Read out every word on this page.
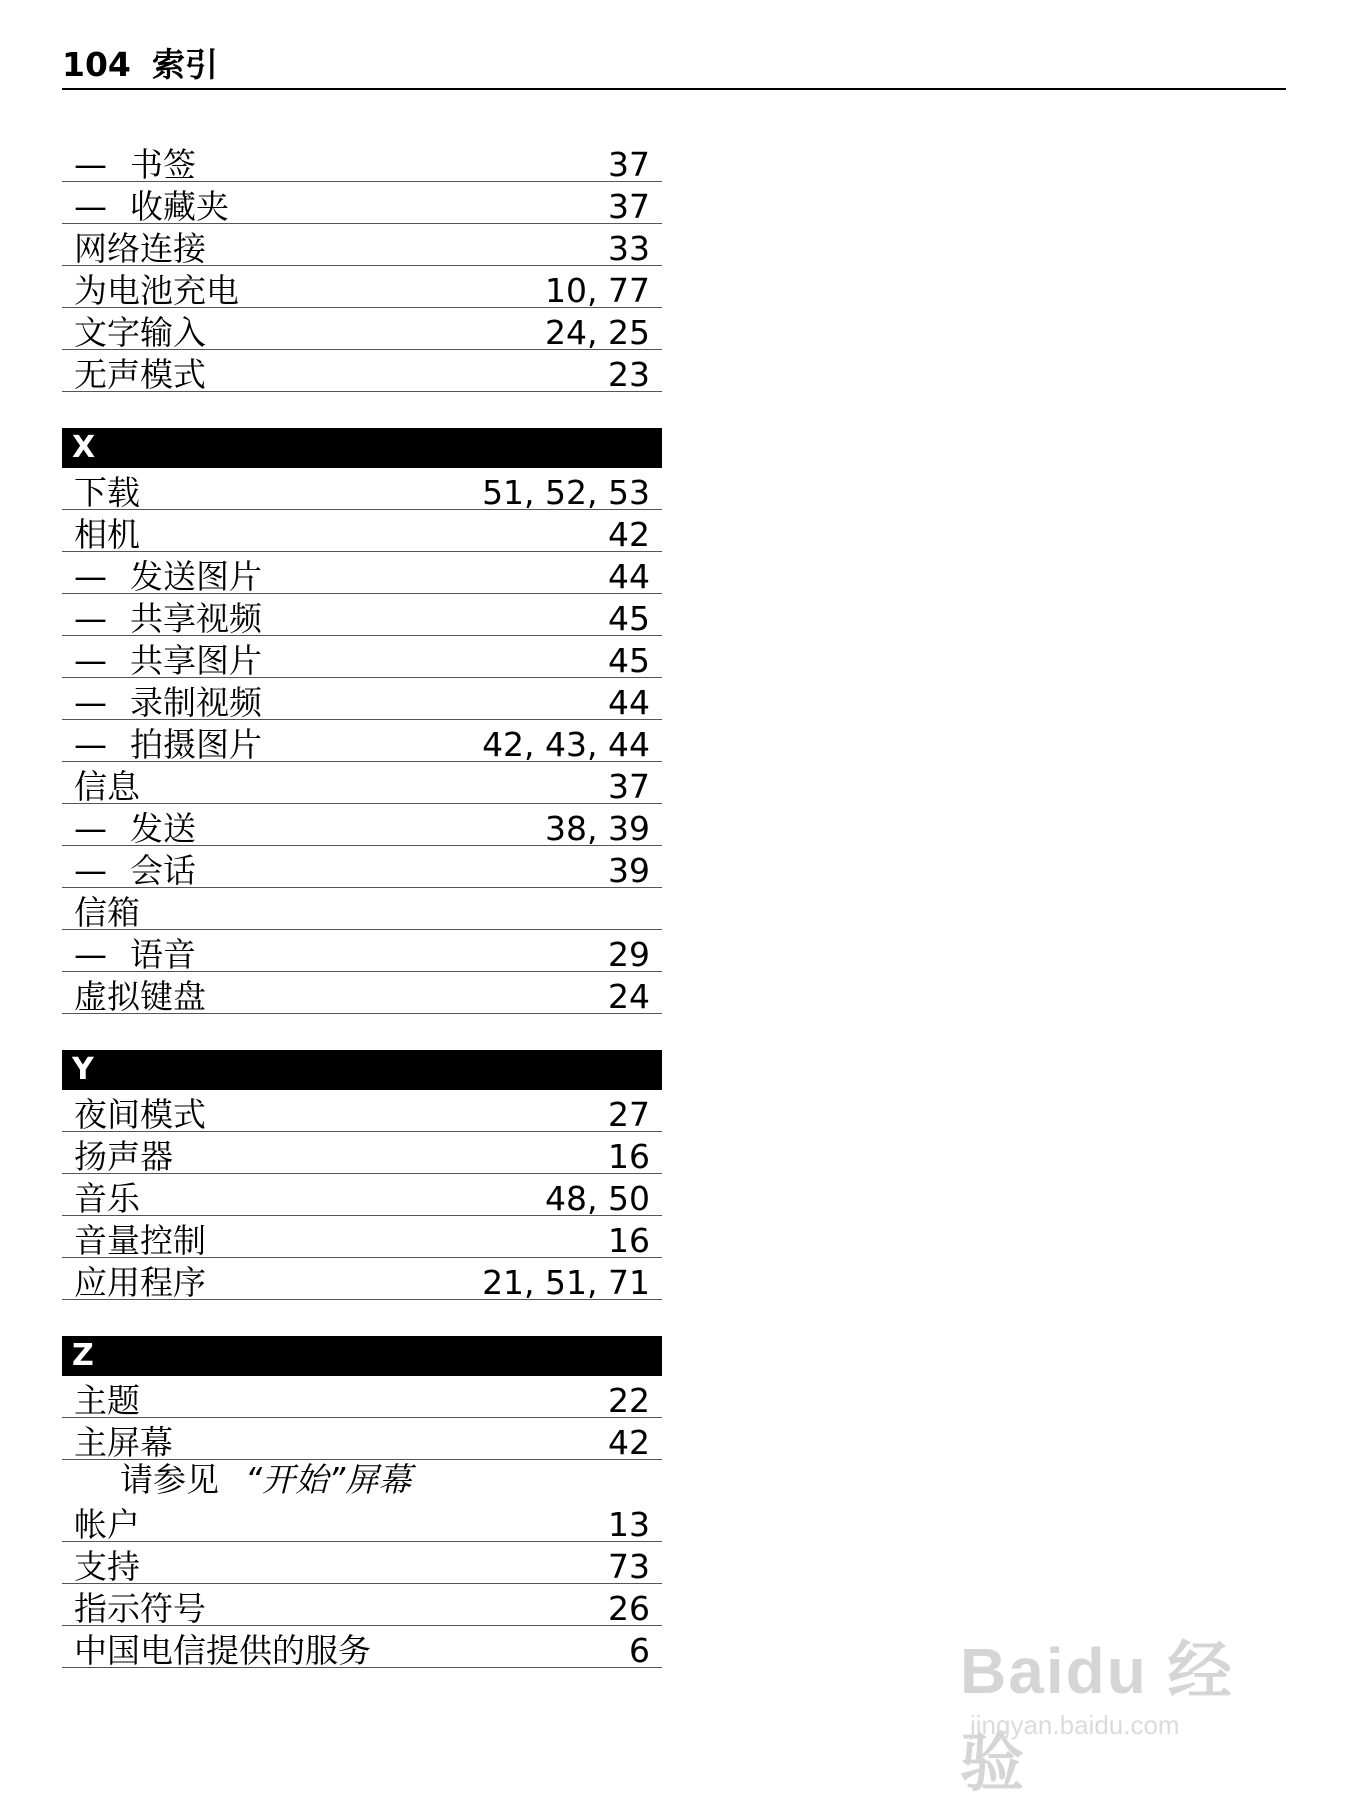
104 索引
— 书签	37
— 收藏夹	37
网络连接	33
为电池充电	10, 77
文字输入	24, 25
无声模式	23
X
下载	51, 52, 53
相机	42
— 发送图片	44
— 共享视频	45
— 共享图片	45
— 录制视频	44
— 拍摄图片	42, 43, 44
信息	37
— 发送	38, 39
— 会话	39
信箱
— 语音	29
虚拟键盘	24
Y
夜间模式	27
扬声器	16
音乐	48, 50
音量控制	16
应用程序	21, 51, 71
Z
主题	22
主屏幕	42
请参见 “开始”屏幕
帐户	13
支持	73
指示符号	26
中国电信提供的服务	6	Baidu 经验
jingyan.baidu.com
